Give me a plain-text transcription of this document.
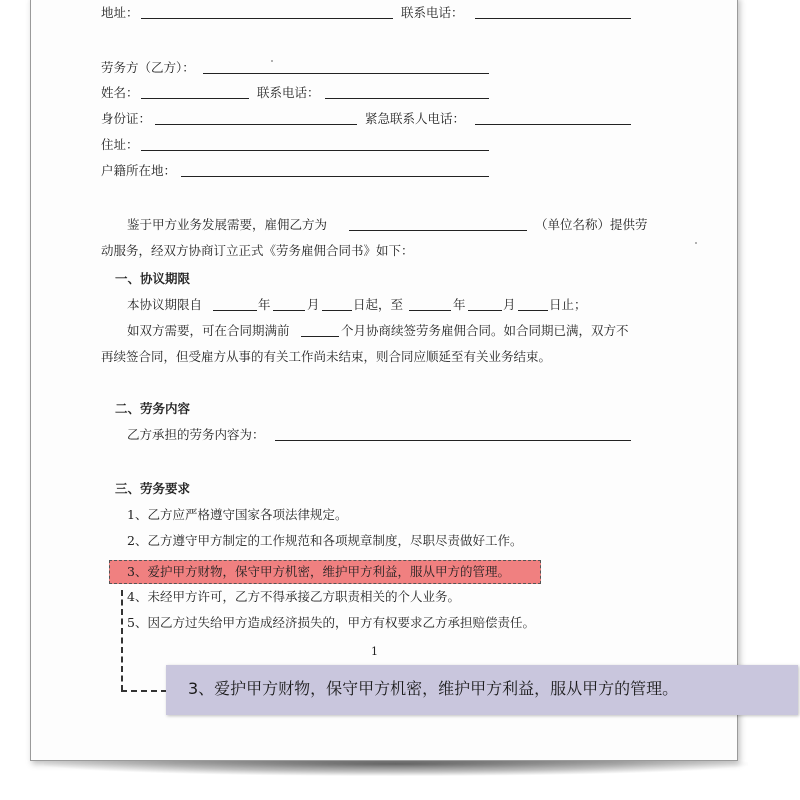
地址：	联系电话：
劳务方（乙方）：
姓名：	联系电话：
身份证：	紧急联系人电话：
住址：
户籍所在地：
鉴于甲方业务发展需要，雇佣乙方为	（单位名称）提供劳
动服务，经双方协商订立正式《劳务雇佣合同书》如下：
一、协议期限
本协议期限自	年	月	日起，至	年	月	日止；
如双方需要，可在合同期满前	个月协商续签劳务雇佣合同。如合同期已满，双方不
再续签合同，但受雇方从事的有关工作尚未结束，则合同应顺延至有关业务结束。
二、劳务内容
乙方承担的劳务内容为：
三、劳务要求
1、乙方应严格遵守国家各项法律规定。
2、乙方遵守甲方制定的工作规范和各项规章制度，尽职尽责做好工作。
3、爱护甲方财物，保守甲方机密，维护甲方利益，服从甲方的管理。
4、未经甲方许可，乙方不得承接乙方职责相关的个人业务。
5、因乙方过失给甲方造成经济损失的，甲方有权要求乙方承担赔偿责任。
1
3、爱护甲方财物，保守甲方机密，维护甲方利益，服从甲方的管理。
